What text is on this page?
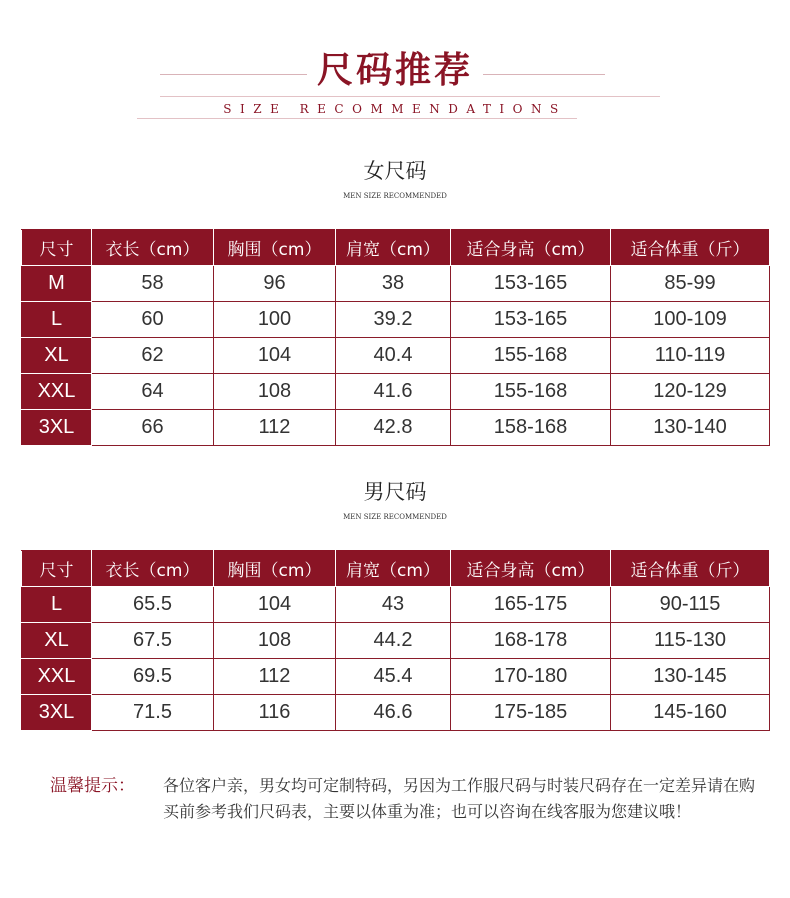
尺码推荐
SIZE RECOMMENDATIONS
女尺码
MEN SIZE RECOMMENDED
尺寸	衣长（cm）	胸围（cm）	肩宽（cm）	适合身高（cm）	适合体重（斤）
M	58	96	38	153-165	85-99
L	60	100	39.2	153-165	100-109
XL	62	104	40.4	155-168	110-119
XXL	64	108	41.6	155-168	120-129
3XL	66	112	42.8	158-168	130-140
男尺码
MEN SIZE RECOMMENDED
尺寸	衣长（cm）	胸围（cm）	肩宽（cm）	适合身高（cm）	适合体重（斤）
L	65.5	104	43	165-175	90-115
XL	67.5	108	44.2	168-178	115-130
XXL	69.5	112	45.4	170-180	130-145
3XL	71.5	116	46.6	175-185	145-160
温馨提示： 各位客户亲，男女均可定制特码，另因为工作服尺码与时装尺码存在一定差异请在购买前参考我们尺码表，主要以体重为准；也可以咨询在线客服为您建议哦！
